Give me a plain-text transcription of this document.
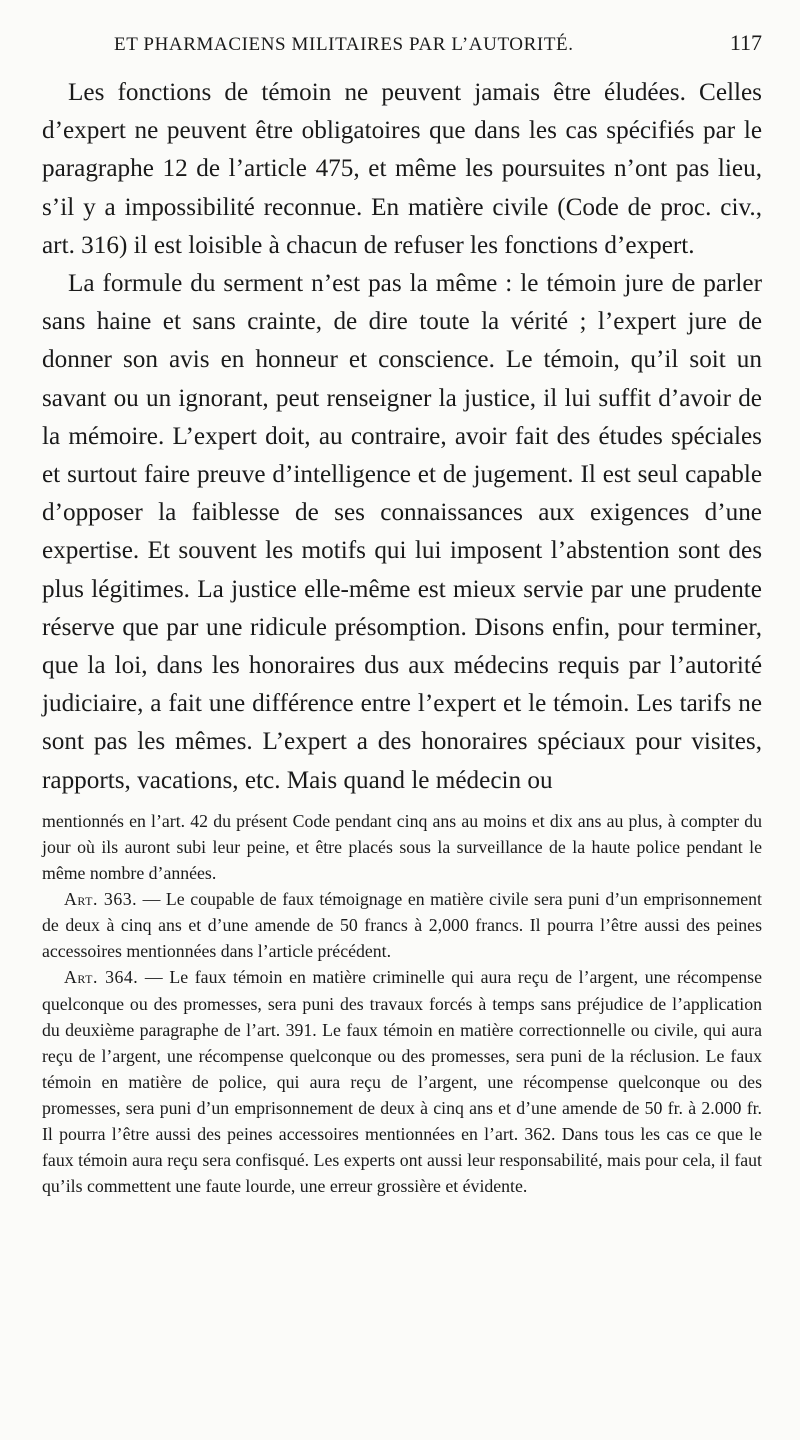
ET PHARMACIENS MILITAIRES PAR L’AUTORITÉ.	117

Les fonctions de témoin ne peuvent jamais être éludées. Celles d’expert ne peuvent être obligatoires que dans les cas spécifiés par le paragraphe 12 de l’article 475, et même les poursuites n’ont pas lieu, s’il y a impossibilité reconnue. En matière civile (Code de proc. civ., art. 316) il est loisible à chacun de refuser les fonctions d’expert.

La formule du serment n’est pas la même : le témoin jure de parler sans haine et sans crainte, de dire toute la vérité ; l’expert jure de donner son avis en honneur et conscience. Le témoin, qu’il soit un savant ou un ignorant, peut renseigner la justice, il lui suffit d’avoir de la mémoire. L’expert doit, au contraire, avoir fait des études spéciales et surtout faire preuve d’intelligence et de jugement. Il est seul capable d’opposer la faiblesse de ses connaissances aux exigences d’une expertise. Et souvent les motifs qui lui imposent l’abstention sont des plus légitimes. La justice elle-même est mieux servie par une prudente réserve que par une ridicule présomption. Disons enfin, pour terminer, que la loi, dans les honoraires dus aux médecins requis par l’autorité judiciaire, a fait une différence entre l’expert et le témoin. Les tarifs ne sont pas les mêmes. L’expert a des honoraires spéciaux pour visites, rapports, vacations, etc. Mais quand le médecin ou

mentionnés en l’art. 42 du présent Code pendant cinq ans au moins et dix ans au plus, à compter du jour où ils auront subi leur peine, et être placés sous la surveillance de la haute police pendant le même nombre d’années.

Art. 363. — Le coupable de faux témoignage en matière civile sera puni d’un emprisonnement de deux à cinq ans et d’une amende de 50 francs à 2,000 francs. Il pourra l’être aussi des peines accessoires mentionnées dans l’article précédent.

Art. 364. — Le faux témoin en matière criminelle qui aura reçu de l’argent, une récompense quelconque ou des promesses, sera puni des travaux forcés à temps sans préjudice de l’application du deuxième paragraphe de l’art. 391. Le faux témoin en matière correctionnelle ou civile, qui aura reçu de l’argent, une récompense quelconque ou des promesses, sera puni de la réclusion. Le faux témoin en matière de police, qui aura reçu de l’argent, une récompense quelconque ou des promesses, sera puni d’un emprisonnement de deux à cinq ans et d’une amende de 50 fr. à 2.000 fr. Il pourra l’être aussi des peines accessoires mentionnées en l’art. 362. Dans tous les cas ce que le faux témoin aura reçu sera confisqué. Les experts ont aussi leur responsabilité, mais pour cela, il faut qu’ils commettent une faute lourde, une erreur grossière et évidente.
